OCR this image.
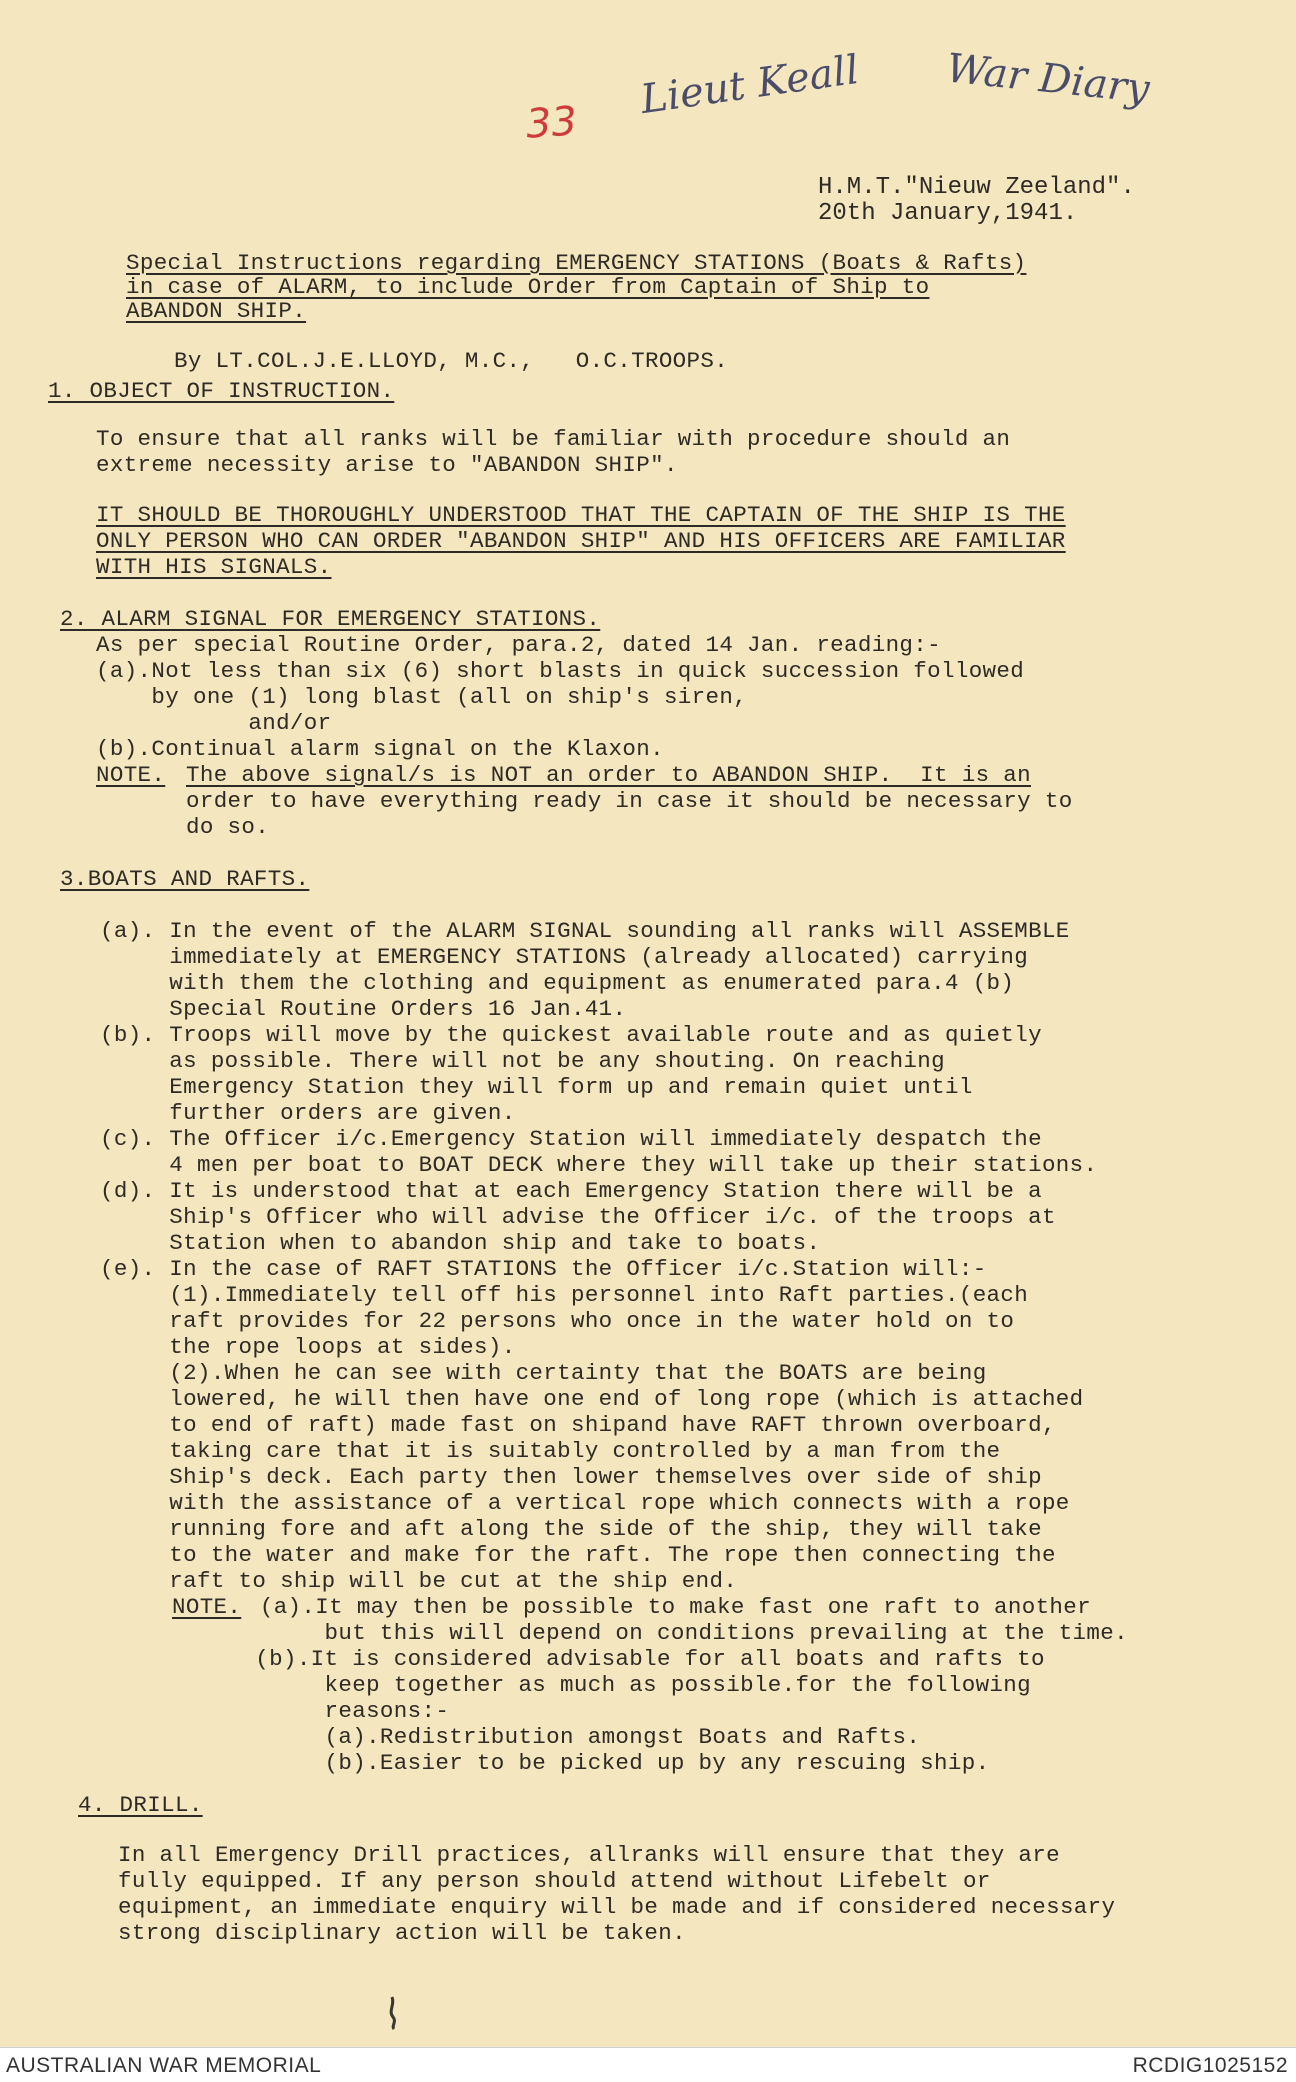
Lieut Keall War Diary
33
H.M.T."Nieuw Zeeland".
20th January,1941.
Special Instructions regarding EMERGENCY STATIONS (Boats & Rafts)
in case of ALARM, to include Order from Captain of Ship to
ABANDON SHIP.
By LT.COL.J.E.LLOYD, M.C.,   O.C.TROOPS.
1. OBJECT OF INSTRUCTION.
To ensure that all ranks will be familiar with procedure should an
extreme necessity arise to "ABANDON SHIP".
IT SHOULD BE THOROUGHLY UNDERSTOOD THAT THE CAPTAIN OF THE SHIP IS THE
ONLY PERSON WHO CAN ORDER "ABANDON SHIP" AND HIS OFFICERS ARE FAMILIAR
WITH HIS SIGNALS.
2. ALARM SIGNAL FOR EMERGENCY STATIONS.
As per special Routine Order, para.2, dated 14 Jan. reading:-
(a).Not less than six (6) short blasts in quick succession followed
by one (1) long blast (all on ship's siren,
and/or
(b).Continual alarm signal on the Klaxon.
NOTE. The above signal/s is NOT an order to ABANDON SHIP.  It is an
order to have everything ready in case it should be necessary to
do so.
3.BOATS AND RAFTS.
(a). In the event of the ALARM SIGNAL sounding all ranks will ASSEMBLE
immediately at EMERGENCY STATIONS (already allocated) carrying
with them the clothing and equipment as enumerated para.4 (b)
Special Routine Orders 16 Jan.41.
(b). Troops will move by the quickest available route and as quietly
as possible. There will not be any shouting. On reaching
Emergency Station they will form up and remain quiet until
further orders are given.
(c). The Officer i/c.Emergency Station will immediately despatch the
4 men per boat to BOAT DECK where they will take up their stations.
(d). It is understood that at each Emergency Station there will be a
Ship's Officer who will advise the Officer i/c. of the troops at
Station when to abandon ship and take to boats.
(e). In the case of RAFT STATIONS the Officer i/c.Station will:-
(1).Immediately tell off his personnel into Raft parties.(each
raft provides for 22 persons who once in the water hold on to
the rope loops at sides).
(2).When he can see with certainty that the BOATS are being
lowered, he will then have one end of long rope (which is attached
to end of raft) made fast on shipand have RAFT thrown overboard,
taking care that it is suitably controlled by a man from the
Ship's deck. Each party then lower themselves over side of ship
with the assistance of a vertical rope which connects with a rope
running fore and aft along the side of the ship, they will take
to the water and make for the raft. The rope then connecting the
raft to ship will be cut at the ship end.
NOTE. (a).It may then be possible to make fast one raft to another
but this will depend on conditions prevailing at the time.
(b).It is considered advisable for all boats and rafts to
keep together as much as possible.for the following
reasons:-
(a).Redistribution amongst Boats and Rafts.
(b).Easier to be picked up by any rescuing ship.
4. DRILL.
In all Emergency Drill practices, allranks will ensure that they are
fully equipped. If any person should attend without Lifebelt or
equipment, an immediate enquiry will be made and if considered necessary
strong disciplinary action will be taken.
AUSTRALIAN WAR MEMORIAL	RCDIG1025152
